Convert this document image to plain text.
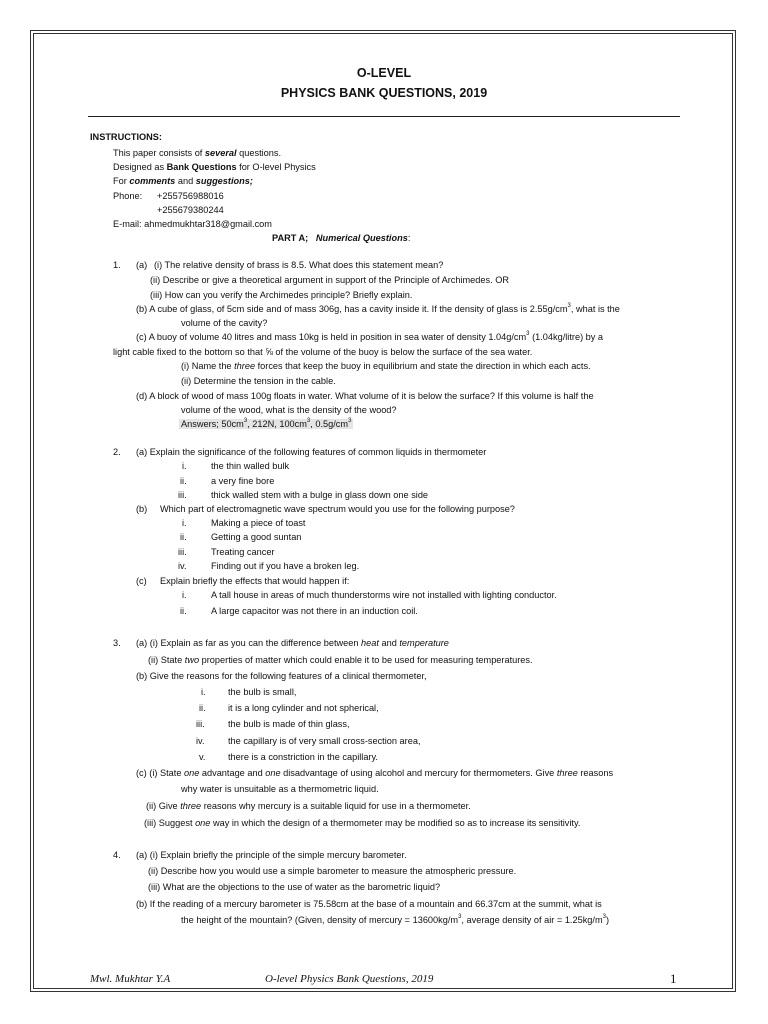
O-LEVEL
PHYSICS BANK QUESTIONS, 2019
INSTRUCTIONS:
This paper consists of several questions.
Designed as Bank Questions for O-level Physics
For comments and suggestions;
Phone: +255756988016
+255679380244
E-mail: ahmedmukhtar318@gmail.com
PART A; Numerical Questions:
1. (a) (i) The relative density of brass is 8.5. What does this statement mean?
(ii) Describe or give a theoretical argument in support of the Principle of Archimedes. OR
(iii) How can you verify the Archimedes principle? Briefly explain.
(b) A cube of glass, of 5cm side and of mass 306g, has a cavity inside it. If the density of glass is $2.55g/cm^3$, what is the
volume of the cavity?
(c) A buoy of volume 40 litres and mass 10kg is held in position in sea water of density $1.04g/cm^3$ (1.04kg/litre) by a
light cable fixed to the bottom so that ⅝ of the volume of the buoy is below the surface of the sea water.
(i) Name the three forces that keep the buoy in equilibrium and state the direction in which each acts.
(ii) Determine the tension in the cable.
(d) A block of wood of mass 100g floats in water. What volume of it is below the surface? If this volume is half the
volume of the wood, what is the density of the wood?
Answers; $50cm^3$, 212N, $100cm^3$, $0.5g/cm^3$
2. (a) Explain the significance of the following features of common liquids in thermometer
i.	the thin walled bulk
ii.	a very fine bore
iii.	thick walled stem with a bulge in glass down one side
(b) Which part of electromagnetic wave spectrum would you use for the following purpose?
i.	Making a piece of toast
ii.	Getting a good suntan
iii.	Treating cancer
iv.	Finding out if you have a broken leg.
(c) Explain briefly the effects that would happen if:
i.	A tall house in areas of much thunderstorms wire not installed with lighting conductor.
ii.	A large capacitor was not there in an induction coil.
3. (a) (i) Explain as far as you can the difference between heat and temperature
(ii) State two properties of matter which could enable it to be used for measuring temperatures.
(b) Give the reasons for the following features of a clinical thermometer,
i. the bulb is small,
ii. it is a long cylinder and not spherical,
iii.	the bulb is made of thin glass,
iv.	the capillary is of very small cross-section area,
v. there is a constriction in the capillary.
(c) (i) State one advantage and one disadvantage of using alcohol and mercury for thermometers. Give three reasons
why water is unsuitable as a thermometric liquid.
(ii) Give three reasons why mercury is a suitable liquid for use in a thermometer.
(iii) Suggest one way in which the design of a thermometer may be modified so as to increase its sensitivity.
4. (a) (i) Explain briefly the principle of the simple mercury barometer.
(ii) Describe how you would use a simple barometer to measure the atmospheric pressure.
(iii) What are the objections to the use of water as the barometric liquid?
(b) If the reading of a mercury barometer is 75.58cm at the base of a mountain and 66.37cm at the summit, what is
the height of the mountain? (Given, density of mercury = $13600kg/m^3$, average density of air = $1.25kg/m^3$)
Mwl. Mukhtar Y.A	O-level Physics Bank Questions, 2019	1
